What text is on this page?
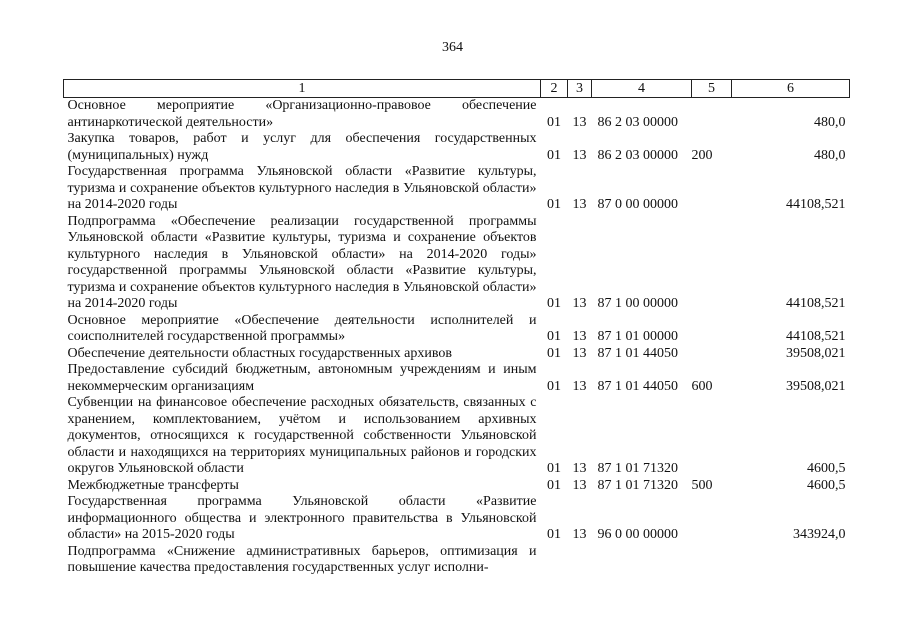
364
1	2	3	4	5	6
Основное мероприятие «Организационно-правовое обеспечение антинаркотической деятельности»	01	13	86 2 03 00000		480,0
Закупка товаров, работ и услуг для обеспечения государственных (муниципальных) нужд	01	13	86 2 03 00000	200	480,0
Государственная программа Ульяновской области «Развитие культуры, туризма и сохранение объектов культурного наследия в Ульяновской области» на 2014-2020 годы	01	13	87 0 00 00000		44108,521
Подпрограмма «Обеспечение реализации государственной программы Ульяновской области «Развитие культуры, туризма и сохранение объектов культурного наследия в Ульяновской области» на 2014-2020 годы» государственной программы Ульяновской области «Развитие культуры, туризма и сохранение объектов культурного наследия в Ульяновской области» на 2014-2020 годы	01	13	87 1 00 00000		44108,521
Основное мероприятие «Обеспечение деятельности исполнителей и соисполнителей государственной программы»	01	13	87 1 01 00000		44108,521
Обеспечение деятельности областных государственных архивов	01	13	87 1 01 44050		39508,021
Предоставление субсидий бюджетным, автономным учреждениям и иным некоммерческим организациям	01	13	87 1 01 44050	600	39508,021
Субвенции на финансовое обеспечение расходных обязательств, связанных с хранением, комплектованием, учётом и использованием архивных документов, относящихся к государственной собственности Ульяновской области и находящихся на территориях муниципальных районов и городских округов Ульяновской области	01	13	87 1 01 71320		4600,5
Межбюджетные трансферты	01	13	87 1 01 71320	500	4600,5
Государственная программа Ульяновской области «Развитие информационного общества и электронного правительства в Ульяновской области» на 2015-2020 годы	01	13	96 0 00 00000		343924,0
Подпрограмма «Снижение административных барьеров, оптимизация и повышение качества предоставления государственных услуг исполни-					
